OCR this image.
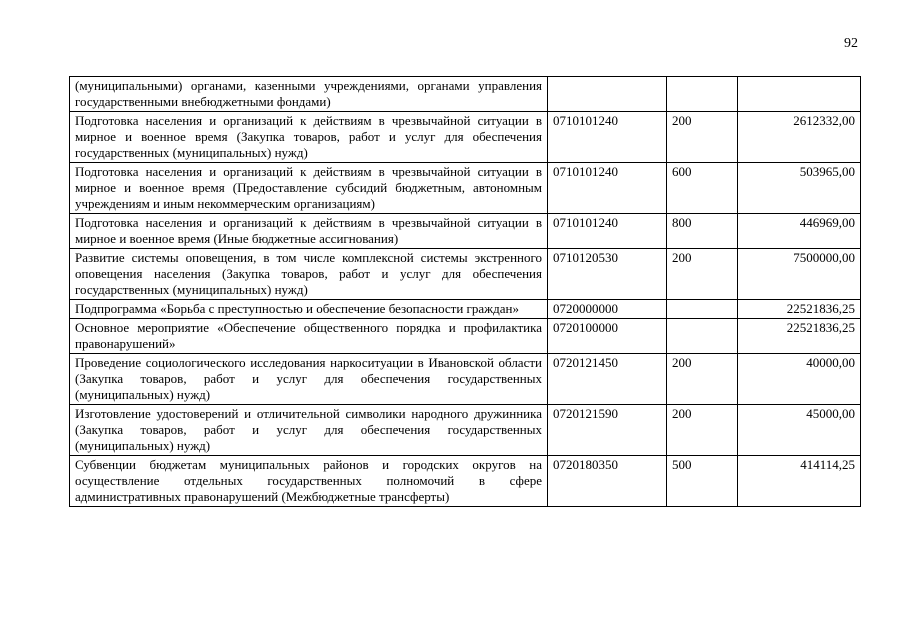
92
(муниципальными) органами, казенными учреждениями, органами управления государственными внебюджетными фондами)			
Подготовка населения и организаций к действиям в чрезвычайной ситуации в мирное и военное время (Закупка товаров, работ и услуг для обеспечения государственных (муниципальных) нужд)	0710101240	200	2612332,00
Подготовка населения и организаций к действиям в чрезвычайной ситуации в мирное и военное время (Предоставление субсидий бюджетным, автономным учреждениям и иным некоммерческим организациям)	0710101240	600	503965,00
Подготовка населения и организаций к действиям в чрезвычайной ситуации в мирное и военное время (Иные бюджетные ассигнования)	0710101240	800	446969,00
Развитие системы оповещения, в том числе комплексной системы экстренного оповещения населения (Закупка товаров, работ и услуг для обеспечения государственных (муниципальных) нужд)	0710120530	200	7500000,00
Подпрограмма «Борьба с преступностью и обеспечение безопасности граждан»	0720000000		22521836,25
Основное мероприятие «Обеспечение общественного порядка и профилактика правонарушений»	0720100000		22521836,25
Проведение социологического исследования наркоситуации в Ивановской области (Закупка товаров, работ и услуг для обеспечения государственных (муниципальных) нужд)	0720121450	200	40000,00
Изготовление удостоверений и отличительной символики народного дружинника (Закупка товаров, работ и услуг для обеспечения государственных (муниципальных) нужд)	0720121590	200	45000,00
Субвенции бюджетам муниципальных районов и городских округов на осуществление отдельных государственных полномочий в сфере административных правонарушений (Межбюджетные трансферты)	0720180350	500	414114,25
